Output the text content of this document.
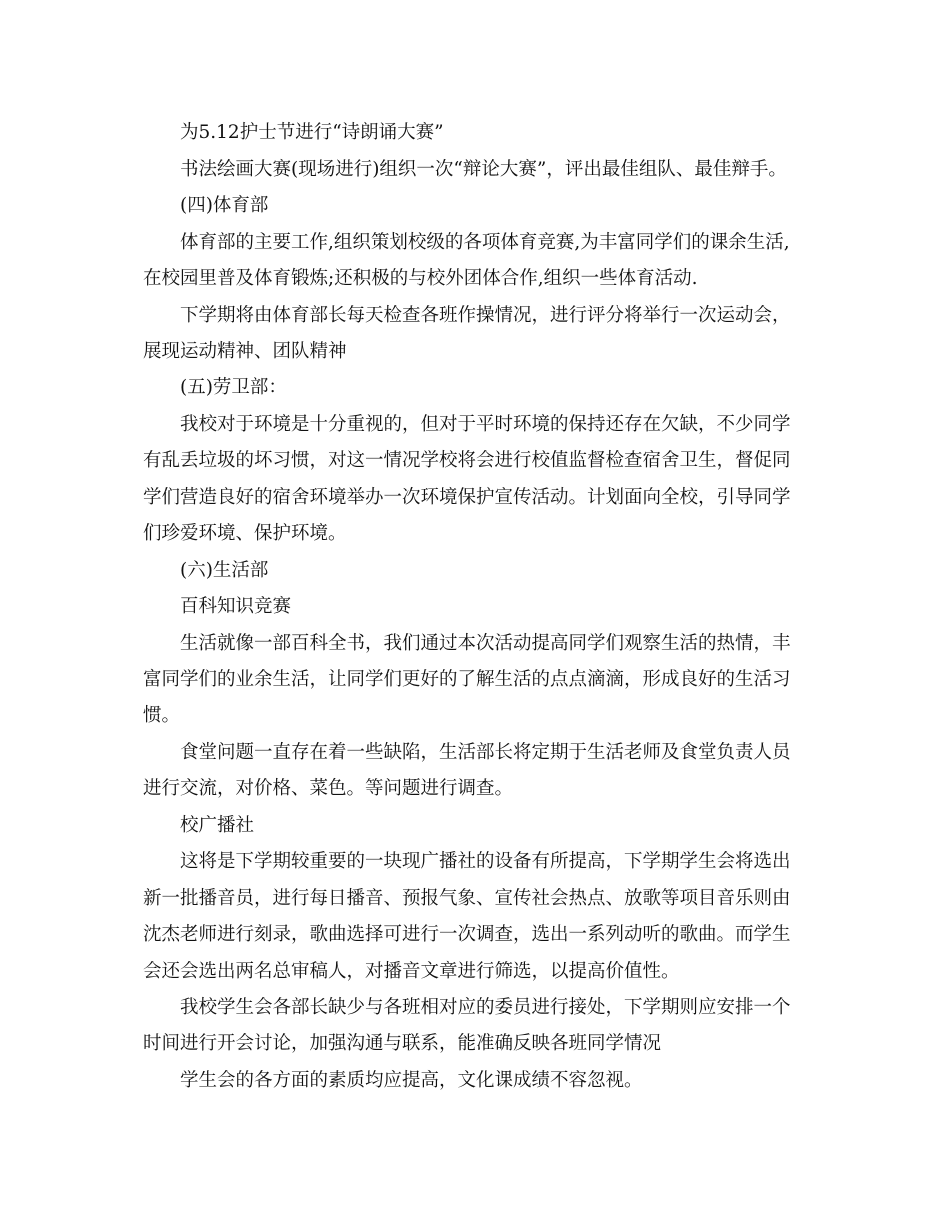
为5.12护士节进行“诗朗诵大赛”
书法绘画大赛(现场进行)组织一次“辩论大赛”，评出最佳组队、最佳辩手。
(四)体育部
体育部的主要工作,组织策划校级的各项体育竞赛,为丰富同学们的课余生活,
在校园里普及体育锻炼;还积极的与校外团体合作,组织一些体育活动.
下学期将由体育部长每天检查各班作操情况，进行评分将举行一次运动会，
展现运动精神、团队精神
(五)劳卫部：
我校对于环境是十分重视的，但对于平时环境的保持还存在欠缺，不少同学
有乱丢垃圾的坏习惯，对这一情况学校将会进行校值监督检查宿舍卫生，督促同
学们营造良好的宿舍环境举办一次环境保护宣传活动。计划面向全校，引导同学
们珍爱环境、保护环境。
(六)生活部
百科知识竞赛
生活就像一部百科全书，我们通过本次活动提高同学们观察生活的热情，丰
富同学们的业余生活，让同学们更好的了解生活的点点滴滴，形成良好的生活习
惯。
食堂问题一直存在着一些缺陷，生活部长将定期于生活老师及食堂负责人员
进行交流，对价格、菜色。等问题进行调查。
校广播社
这将是下学期较重要的一块现广播社的设备有所提高，下学期学生会将选出
新一批播音员，进行每日播音、预报气象、宣传社会热点、放歌等项目音乐则由
沈杰老师进行刻录，歌曲选择可进行一次调查，选出一系列动听的歌曲。而学生
会还会选出两名总审稿人，对播音文章进行筛选，以提高价值性。
我校学生会各部长缺少与各班相对应的委员进行接处，下学期则应安排一个
时间进行开会讨论，加强沟通与联系，能准确反映各班同学情况
学生会的各方面的素质均应提高，文化课成绩不容忽视。
